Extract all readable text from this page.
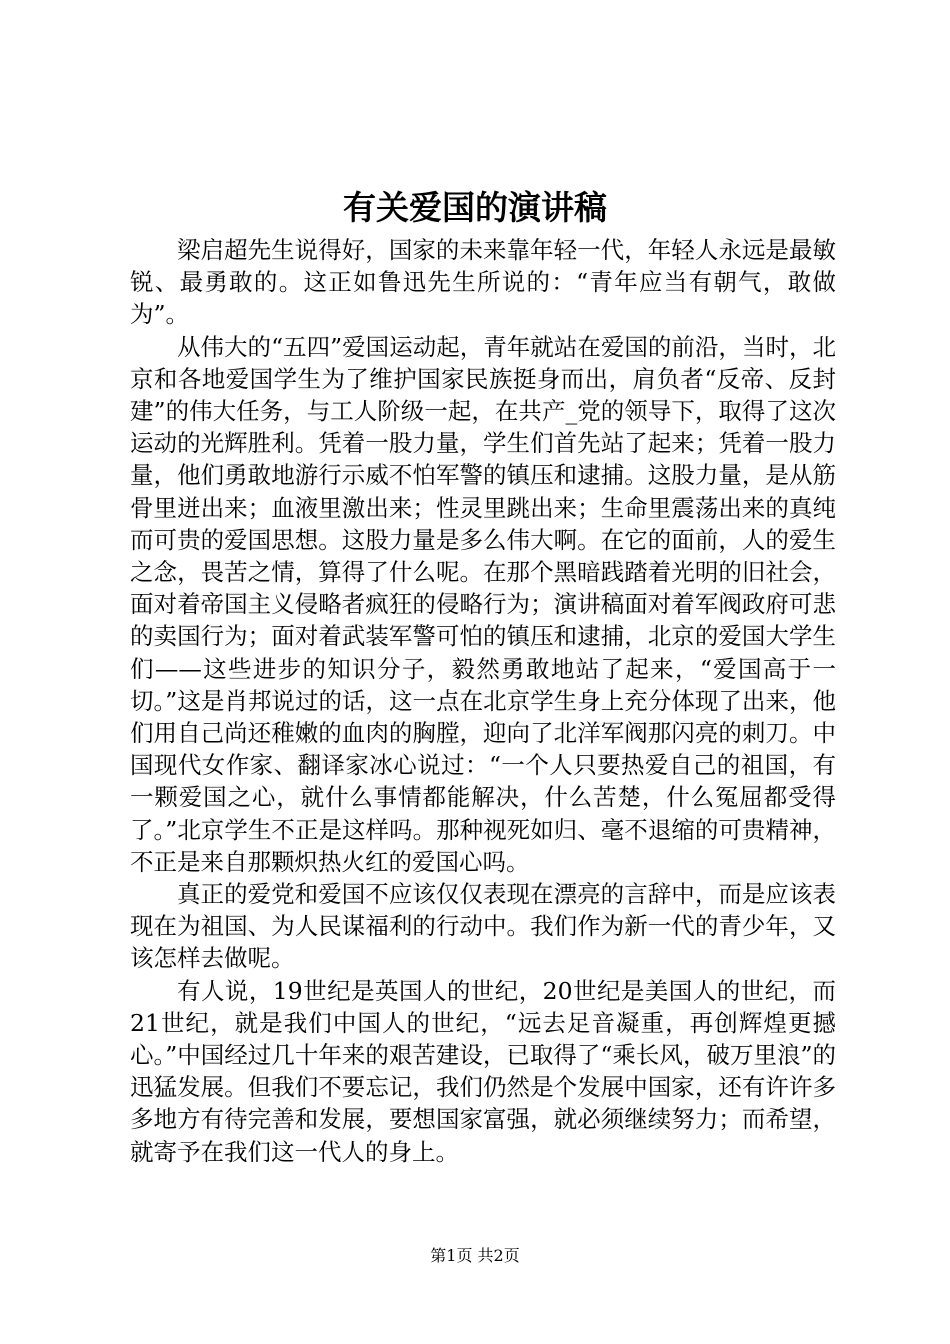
有关爱国的演讲稿

梁启超先生说得好，国家的未来靠年轻一代，年轻人永远是最敏锐、最勇敢的。这正如鲁迅先生所说的：“青年应当有朝气，敢做为”。

从伟大的“五四”爱国运动起，青年就站在爱国的前沿，当时，北京和各地爱国学生为了维护国家民族挺身而出，肩负者“反帝、反封建”的伟大任务，与工人阶级一起，在共产_党的领导下，取得了这次运动的光辉胜利。凭着一股力量，学生们首先站了起来；凭着一股力量，他们勇敢地游行示威不怕军警的镇压和逮捕。这股力量，是从筋骨里迸出来；血液里激出来；性灵里跳出来；生命里震荡出来的真纯而可贵的爱国思想。这股力量是多么伟大啊。在它的面前，人的爱生之念，畏苦之情，算得了什么呢。在那个黑暗践踏着光明的旧社会，面对着帝国主义侵略者疯狂的侵略行为；演讲稿面对着军阀政府可悲的卖国行为；面对着武装军警可怕的镇压和逮捕，北京的爱国大学生们——这些进步的知识分子，毅然勇敢地站了起来，“爱国高于一切。”这是肖邦说过的话，这一点在北京学生身上充分体现了出来，他们用自己尚还稚嫩的血肉的胸膛，迎向了北洋军阀那闪亮的刺刀。中国现代女作家、翻译家冰心说过：“一个人只要热爱自己的祖国，有一颗爱国之心，就什么事情都能解决，什么苦楚，什么冤屈都受得了。”北京学生不正是这样吗。那种视死如归、毫不退缩的可贵精神，不正是来自那颗炽热火红的爱国心吗。

真正的爱党和爱国不应该仅仅表现在漂亮的言辞中，而是应该表现在为祖国、为人民谋福利的行动中。我们作为新一代的青少年，又该怎样去做呢。

有人说，19世纪是英国人的世纪，20世纪是美国人的世纪，而21世纪，就是我们中国人的世纪，“远去足音凝重，再创辉煌更撼心。”中国经过几十年来的艰苦建设，已取得了“乘长风，破万里浪”的迅猛发展。但我们不要忘记，我们仍然是个发展中国家，还有许许多多地方有待完善和发展，要想国家富强，就必须继续努力；而希望，就寄予在我们这一代人的身上。

第1页 共2页
